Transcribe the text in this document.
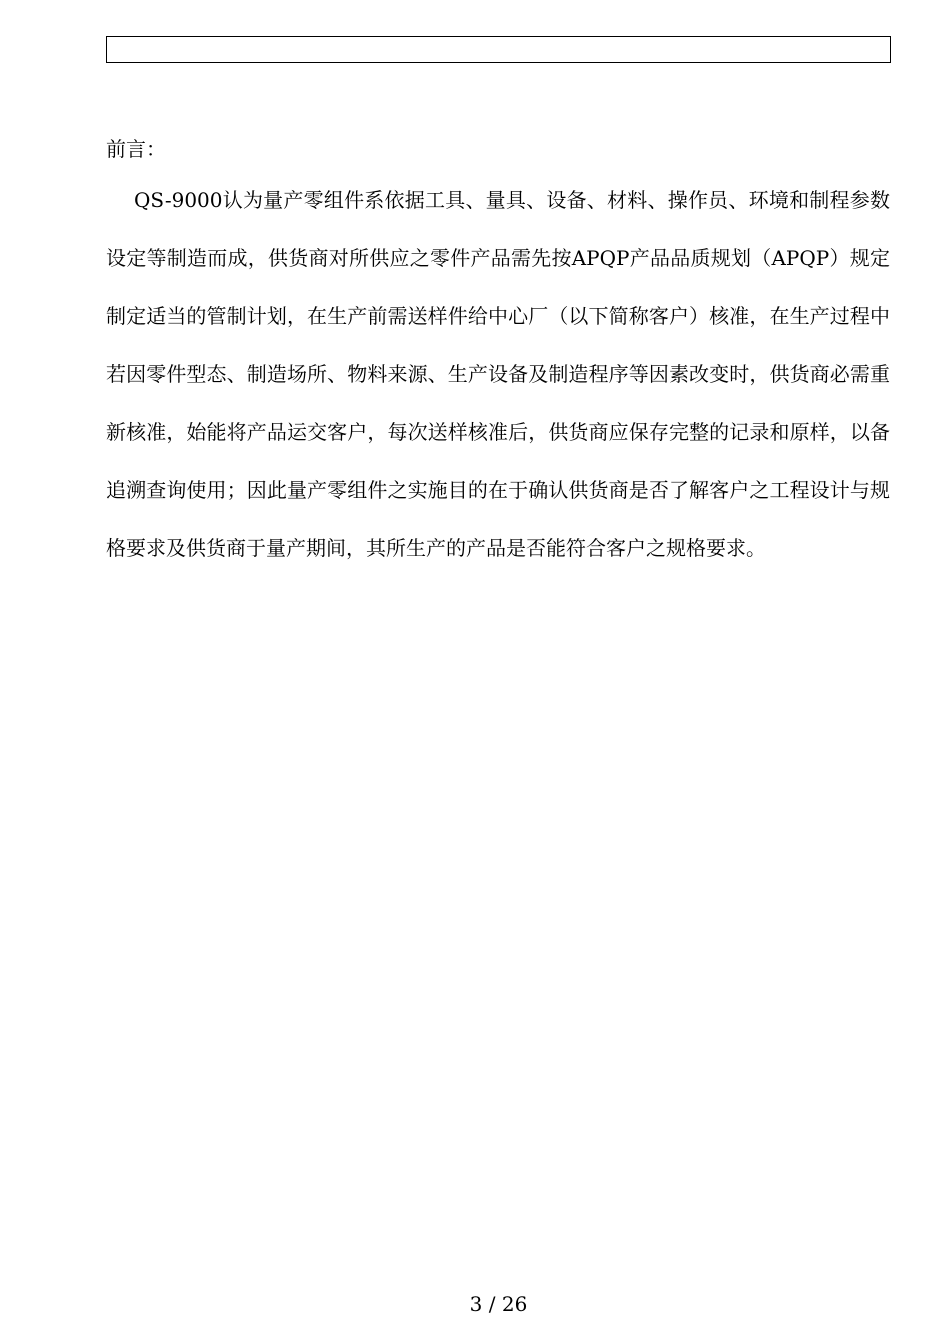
前言：

QS-9000认为量产零组件系依据工具、量具、设备、材料、操作员、环境和制程参数设定等制造而成，供货商对所供应之零件产品需先按APQP产品品质规划（APQP）规定制定适当的管制计划，在生产前需送样件给中心厂（以下简称客户）核准，在生产过程中若因零件型态、制造场所、物料来源、生产设备及制造程序等因素改变时，供货商必需重新核准，始能将产品运交客户，每次送样核准后，供货商应保存完整的记录和原样，以备追溯查询使用；因此量产零组件之实施目的在于确认供货商是否了解客户之工程设计与规格要求及供货商于量产期间，其所生产的产品是否能符合客户之规格要求。

3 / 26
